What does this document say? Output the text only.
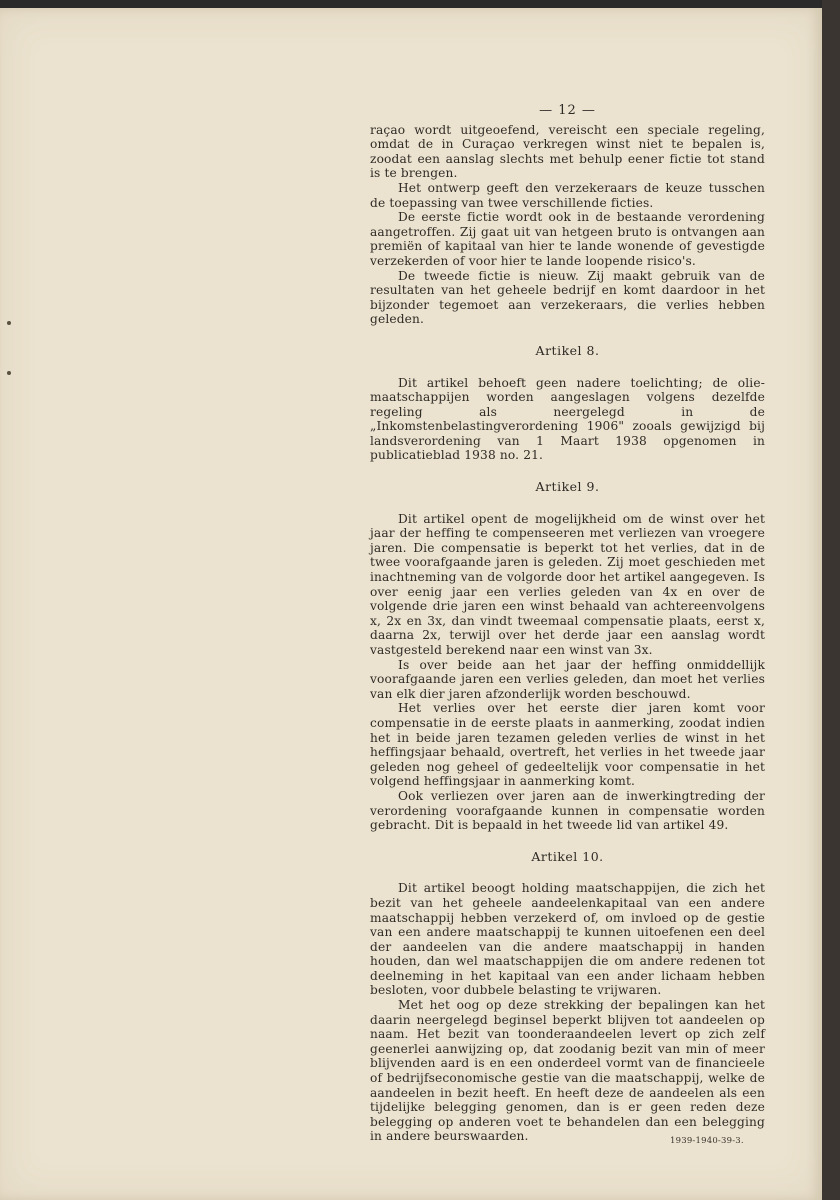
— 12 —

raçao wordt uitgeoefend, vereischt een speciale regeling, omdat de in Curaçao verkregen winst niet te bepalen is, zoodat een aanslag slechts met behulp eener fictie tot stand is te brengen.

Het ontwerp geeft den verzekeraars de keuze tusschen de toepassing van twee verschillende ficties.

De eerste fictie wordt ook in de bestaande verordening aangetroffen. Zij gaat uit van hetgeen bruto is ontvangen aan premiën of kapitaal van hier te lande wonende of gevestigde verzekerden of voor hier te lande loopende risico's.

De tweede fictie is nieuw. Zij maakt gebruik van de resultaten van het geheele bedrijf en komt daardoor in het bijzonder tegemoet aan verzekeraars, die verlies hebben geleden.

Artikel 8.

Dit artikel behoeft geen nadere toelichting; de olie-maatschappijen worden aangeslagen volgens dezelfde regeling als neergelegd in de „Inkomstenbelastingverordening 1906" zooals gewijzigd bij landsverordening van 1 Maart 1938 opgenomen in publicatieblad 1938 no. 21.

Artikel 9.

Dit artikel opent de mogelijkheid om de winst over het jaar der heffing te compenseeren met verliezen van vroegere jaren. Die compensatie is beperkt tot het verlies, dat in de twee voorafgaande jaren is geleden. Zij moet geschieden met inachtneming van de volgorde door het artikel aangegeven. Is over eenig jaar een verlies geleden van 4x en over de volgende drie jaren een winst behaald van achtereenvolgens x, 2x en 3x, dan vindt tweemaal compensatie plaats, eerst x, daarna 2x, terwijl over het derde jaar een aanslag wordt vastgesteld berekend naar een winst van 3x.

Is over beide aan het jaar der heffing onmiddellijk voorafgaande jaren een verlies geleden, dan moet het verlies van elk dier jaren afzonderlijk worden beschouwd.

Het verlies over het eerste dier jaren komt voor compensatie in de eerste plaats in aanmerking, zoodat indien het in beide jaren tezamen geleden verlies de winst in het heffingsjaar behaald, overtreft, het verlies in het tweede jaar geleden nog geheel of gedeeltelijk voor compensatie in het volgend heffingsjaar in aanmerking komt.

Ook verliezen over jaren aan de inwerkingtreding der verordening voorafgaande kunnen in compensatie worden gebracht. Dit is bepaald in het tweede lid van artikel 49.

Artikel 10.

Dit artikel beoogt holding maatschappijen, die zich het bezit van het geheele aandeelenkapitaal van een andere maatschappij hebben verzekerd of, om invloed op de gestie van een andere maatschappij te kunnen uitoefenen een deel der aandeelen van die andere maatschappij in handen houden, dan wel maatschappijen die om andere redenen tot deelneming in het kapitaal van een ander lichaam hebben besloten, voor dubbele belasting te vrijwaren.

Met het oog op deze strekking der bepalingen kan het daarin neergelegd beginsel beperkt blijven tot aandeelen op naam. Het bezit van toonderaandeelen levert op zich zelf geenerlei aanwijzing op, dat zoodanig bezit van min of meer blijvenden aard is en een onderdeel vormt van de financieele of bedrijfseconomische gestie van die maatschappij, welke de aandeelen in bezit heeft. En heeft deze de aandeelen als een tijdelijke belegging genomen, dan is er geen reden deze belegging op anderen voet te behandelen dan een belegging in andere beurswaarden.	1939-1940-39-3.
